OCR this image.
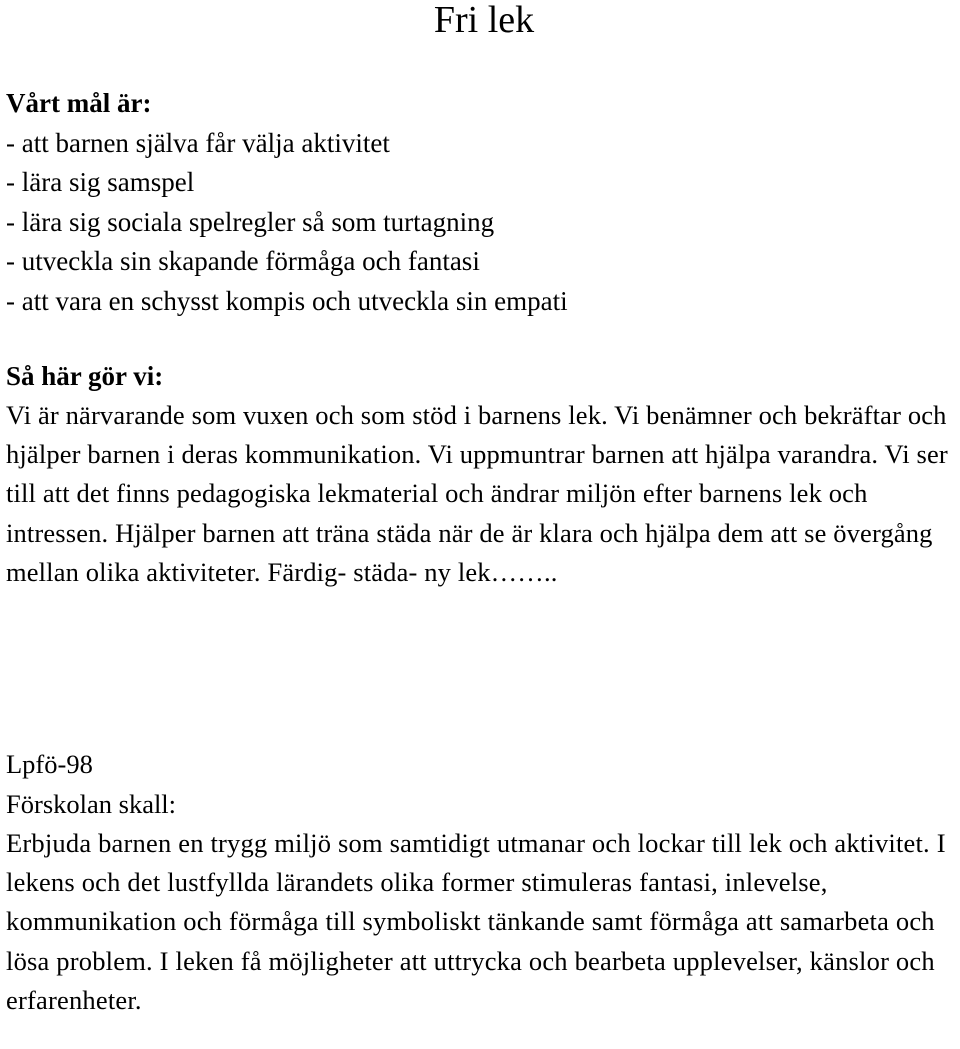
Fri lek
Vårt mål är:
- att barnen själva får välja aktivitet
- lära sig samspel
- lära sig sociala spelregler så som turtagning
- utveckla sin skapande förmåga och fantasi
- att vara en schysst kompis och utveckla sin empati
Så här gör vi:
Vi är närvarande som vuxen och som stöd i barnens lek. Vi benämner och bekräftar och hjälper barnen i deras kommunikation. Vi uppmuntrar barnen att hjälpa varandra. Vi ser till att det finns pedagogiska lekmaterial och ändrar miljön efter barnens lek och intressen. Hjälper barnen att träna städa när de är klara och hjälpa dem att se övergång mellan olika aktiviteter. Färdig- städa- ny lek……..
Lpfö-98
Förskolan skall:
Erbjuda barnen en trygg miljö som samtidigt utmanar och lockar till lek och aktivitet. I lekens och det lustfyllda lärandets olika former stimuleras fantasi, inlevelse, kommunikation och förmåga till symboliskt tänkande samt förmåga att samarbeta och lösa problem. I leken få möjligheter att uttrycka och bearbeta upplevelser, känslor och erfarenheter.
